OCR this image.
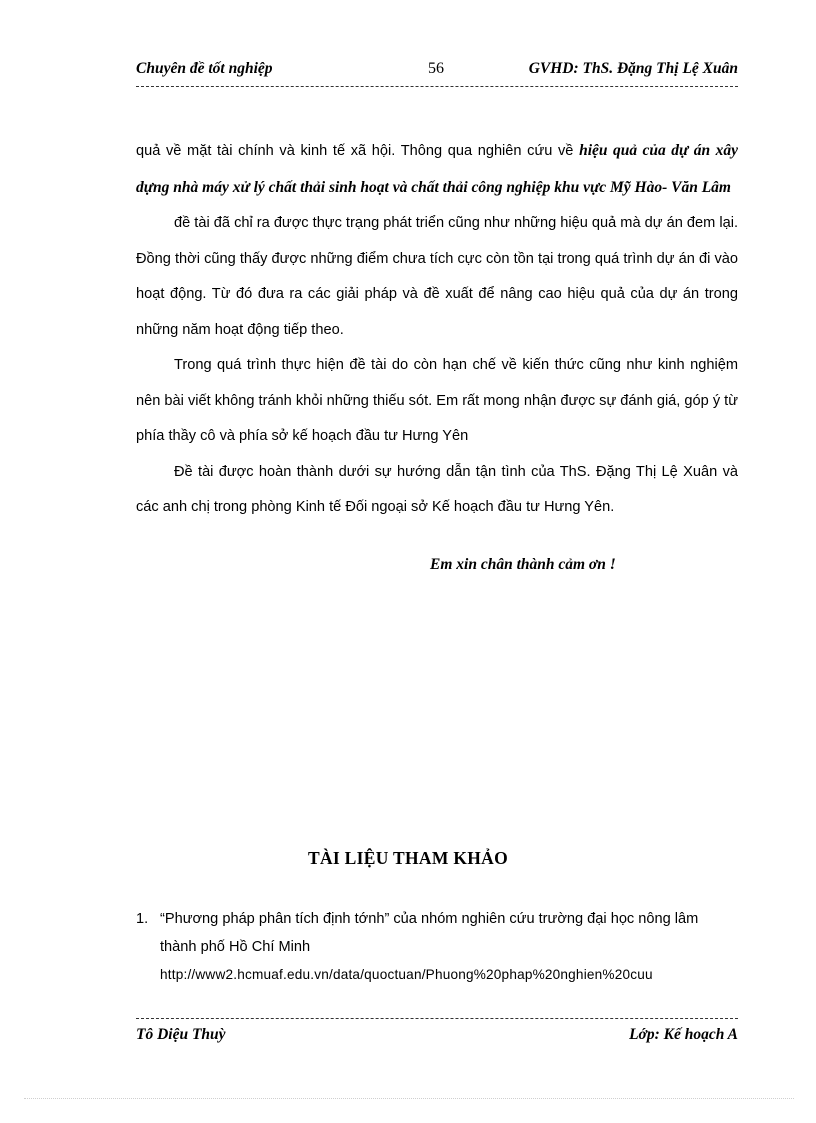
Chuyên đề tốt nghiệp	56	GVHD: ThS. Đặng Thị Lệ Xuân

quả về mặt tài chính và kinh tế xã hội. Thông qua nghiên cứu về hiệu quả của dự án xây dựng nhà máy xử lý chất thải sinh hoạt và chất thải công nghiệp khu vực Mỹ Hào- Văn Lâm

đề tài đã chỉ ra được thực trạng phát triển cũng như những hiệu quả mà dự án đem lại. Đồng thời cũng thấy được những điểm chưa tích cực còn tồn tại trong quá trình dự án đi vào hoạt động. Từ đó đưa ra các giải pháp và đề xuất để nâng cao hiệu quả của dự án trong những năm hoạt động tiếp theo.

Trong quá trình thực hiện đề tài do còn hạn chế về kiến thức cũng như kinh nghiệm nên bài viết không tránh khỏi những thiếu sót. Em rất mong nhận được sự đánh giá, góp ý từ phía thầy cô và phía sở kế hoạch đầu tư Hưng Yên

Đề tài được hoàn thành dưới sự hướng dẫn tận tình của ThS. Đặng Thị Lệ Xuân và các anh chị trong phòng Kinh tế Đối ngoại sở Kế hoạch đầu tư Hưng Yên.

Em xin chân thành cảm ơn !
TÀI LIỆU THAM KHẢO
1. “Phương pháp phân tích định tớnh” của nhóm nghiên cứu trường đại học nông lâm thành phố Hồ Chí Minh
http://www2.hcmuaf.edu.vn/data/quoctuan/Phuong%20phap%20nghien%20cuu
Tô Diệu Thuỳ	Lớp: Kế hoạch A
